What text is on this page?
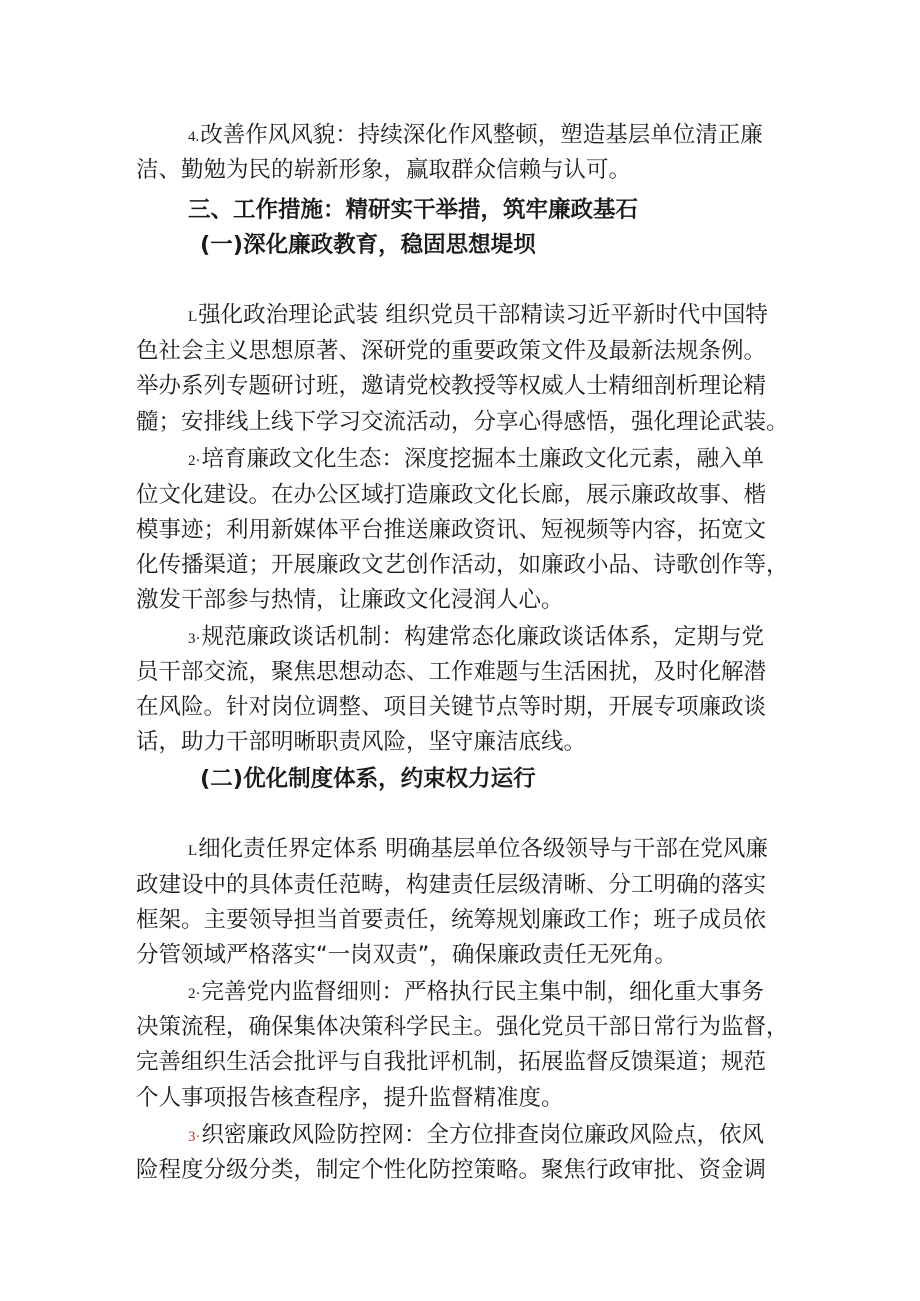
4.改善作风风貌：持续深化作风整顿，塑造基层单位清正廉
洁、勤勉为民的崭新形象，赢取群众信赖与认可。
三、工作措施：精研实干举措，筑牢廉政基石
(一)深化廉政教育，稳固思想堤坝
L强化政治理论武装 组织党员干部精读习近平新时代中国特
色社会主义思想原著、深研党的重要政策文件及最新法规条例。
举办系列专题研讨班，邀请党校教授等权威人士精细剖析理论精
髓；安排线上线下学习交流活动，分享心得感悟，强化理论武装。
2·培育廉政文化生态：深度挖掘本土廉政文化元素，融入单
位文化建设。在办公区域打造廉政文化长廊，展示廉政故事、楷
模事迹；利用新媒体平台推送廉政资讯、短视频等内容，拓宽文
化传播渠道；开展廉政文艺创作活动，如廉政小品、诗歌创作等，
激发干部参与热情，让廉政文化浸润人心。
3·规范廉政谈话机制：构建常态化廉政谈话体系，定期与党
员干部交流，聚焦思想动态、工作难题与生活困扰，及时化解潜
在风险。针对岗位调整、项目关键节点等时期，开展专项廉政谈
话，助力干部明晰职责风险，坚守廉洁底线。
(二)优化制度体系，约束权力运行
L细化责任界定体系 明确基层单位各级领导与干部在党风廉
政建设中的具体责任范畴，构建责任层级清晰、分工明确的落实
框架。主要领导担当首要责任，统筹规划廉政工作；班子成员依
分管领域严格落实“一岗双责”，确保廉政责任无死角。
2·完善党内监督细则：严格执行民主集中制，细化重大事务
决策流程，确保集体决策科学民主。强化党员干部日常行为监督，
完善组织生活会批评与自我批评机制，拓展监督反馈渠道；规范
个人事项报告核查程序，提升监督精准度。
3·织密廉政风险防控网：全方位排查岗位廉政风险点，依风
险程度分级分类，制定个性化防控策略。聚焦行政审批、资金调
